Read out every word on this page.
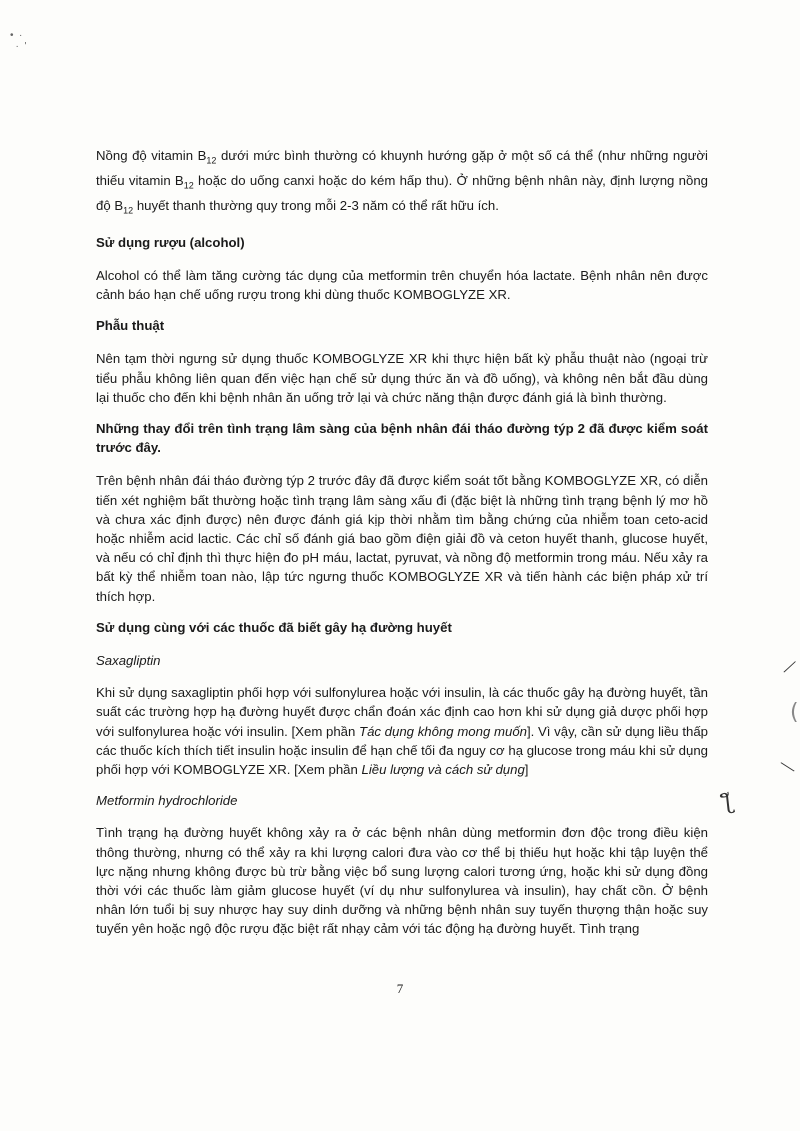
•  ·
·  '

Nồng độ vitamin $B_{12}$ dưới mức bình thường có khuynh hướng gặp ở một số cá thể (như những người thiếu vitamin $B_{12}$ hoặc do uống canxi hoặc do kém hấp thu). Ở những bệnh nhân này, định lượng nồng độ $B_{12}$ huyết thanh thường quy trong mỗi 2-3 năm có thể rất hữu ích.

Sử dụng rượu (alcohol)

Alcohol có thể làm tăng cường tác dụng của metformin trên chuyển hóa lactate. Bệnh nhân nên được cảnh báo hạn chế uống rượu trong khi dùng thuốc KOMBOGLYZE XR.

Phẫu thuật

Nên tạm thời ngưng sử dụng thuốc KOMBOGLYZE XR khi thực hiện bất kỳ phẫu thuật nào (ngoại trừ tiểu phẫu không liên quan đến việc hạn chế sử dụng thức ăn và đồ uống), và không nên bắt đầu dùng lại thuốc cho đến khi bệnh nhân ăn uống trở lại và chức năng thận được đánh giá là bình thường.

Những thay đổi trên tình trạng lâm sàng của bệnh nhân đái tháo đường týp 2 đã được kiểm soát trước đây.

Trên bệnh nhân đái tháo đường týp 2 trước đây đã được kiểm soát tốt bằng KOMBOGLYZE XR, có diễn tiến xét nghiệm bất thường hoặc tình trạng lâm sàng xấu đi (đặc biệt là những tình trạng bệnh lý mơ hồ và chưa xác định được) nên được đánh giá kịp thời nhằm tìm bằng chứng của nhiễm toan ceto-acid hoặc nhiễm acid lactic. Các chỉ số đánh giá bao gồm điện giải đồ và ceton huyết thanh, glucose huyết, và nếu có chỉ định thì thực hiện đo pH máu, lactat, pyruvat, và nồng độ metformin trong máu. Nếu xảy ra bất kỳ thể nhiễm toan nào, lập tức ngưng thuốc KOMBOGLYZE XR và tiến hành các biện pháp xử trí thích hợp.

Sử dụng cùng với các thuốc đã biết gây hạ đường huyết

Saxagliptin

Khi sử dụng saxagliptin phối hợp với sulfonylurea hoặc với insulin, là các thuốc gây hạ đường huyết, tần suất các trường hợp hạ đường huyết được chẩn đoán xác định cao hơn khi sử dụng giả dược phối hợp với sulfonylurea hoặc với insulin. [Xem phần Tác dụng không mong muốn]. Vì vậy, cần sử dụng liều thấp các thuốc kích thích tiết insulin hoặc insulin để hạn chế tối đa nguy cơ hạ glucose trong máu khi sử dụng phối hợp với KOMBOGLYZE XR. [Xem phần Liều lượng và cách sử dụng]

Metformin hydrochloride

Tình trạng hạ đường huyết không xảy ra ở các bệnh nhân dùng metformin đơn độc trong điều kiện thông thường, nhưng có thể xảy ra khi lượng calori đưa vào cơ thể bị thiếu hụt hoặc khi tập luyện thể lực nặng nhưng không được bù trừ bằng việc bổ sung lượng calori tương ứng, hoặc khi sử dụng đồng thời với các thuốc làm giảm glucose huyết (ví dụ như sulfonylurea và insulin), hay chất cồn. Ở bệnh nhân lớn tuổi bị suy nhược hay suy dinh dưỡng và những bệnh nhân suy tuyến thượng thận hoặc suy tuyến yên hoặc ngộ độc rượu đặc biệt rất nhạy cảm với tác động hạ đường huyết. Tình trạng

7
╱
(
╲
ƪ
